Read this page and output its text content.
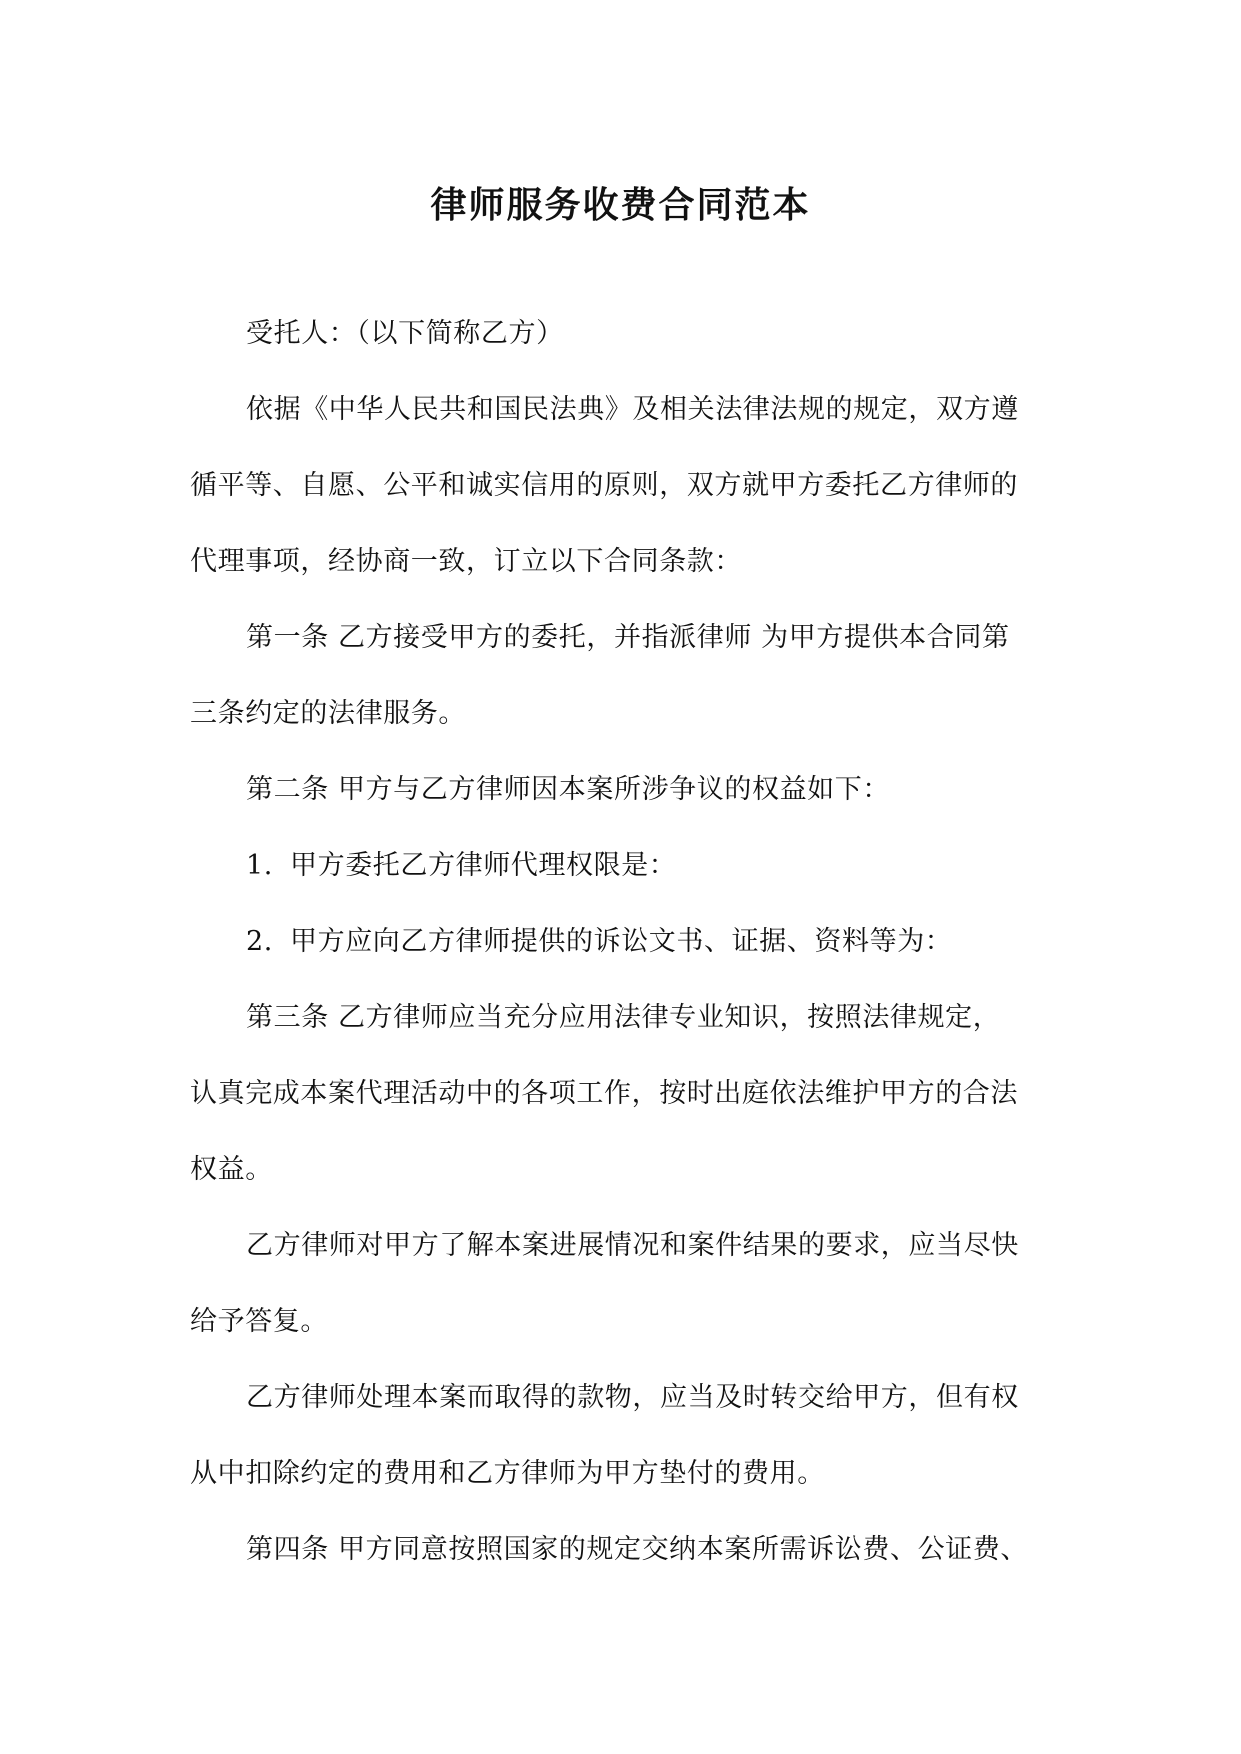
律师服务收费合同范本
受托人：（以下简称乙方）
依据《中华人民共和国民法典》及相关法律法规的规定，双方遵
循平等、自愿、公平和诚实信用的原则，双方就甲方委托乙方律师的
代理事项，经协商一致，订立以下合同条款：
第一条 乙方接受甲方的委托，并指派律师 为甲方提供本合同第
三条约定的法律服务。
第二条 甲方与乙方律师因本案所涉争议的权益如下：
1. 甲方委托乙方律师代理权限是：
2. 甲方应向乙方律师提供的诉讼文书、证据、资料等为：
第三条 乙方律师应当充分应用法律专业知识，按照法律规定，
认真完成本案代理活动中的各项工作，按时出庭依法维护甲方的合法
权益。
乙方律师对甲方了解本案进展情况和案件结果的要求，应当尽快
给予答复。
乙方律师处理本案而取得的款物，应当及时转交给甲方，但有权
从中扣除约定的费用和乙方律师为甲方垫付的费用。
第四条 甲方同意按照国家的规定交纳本案所需诉讼费、公证费、
